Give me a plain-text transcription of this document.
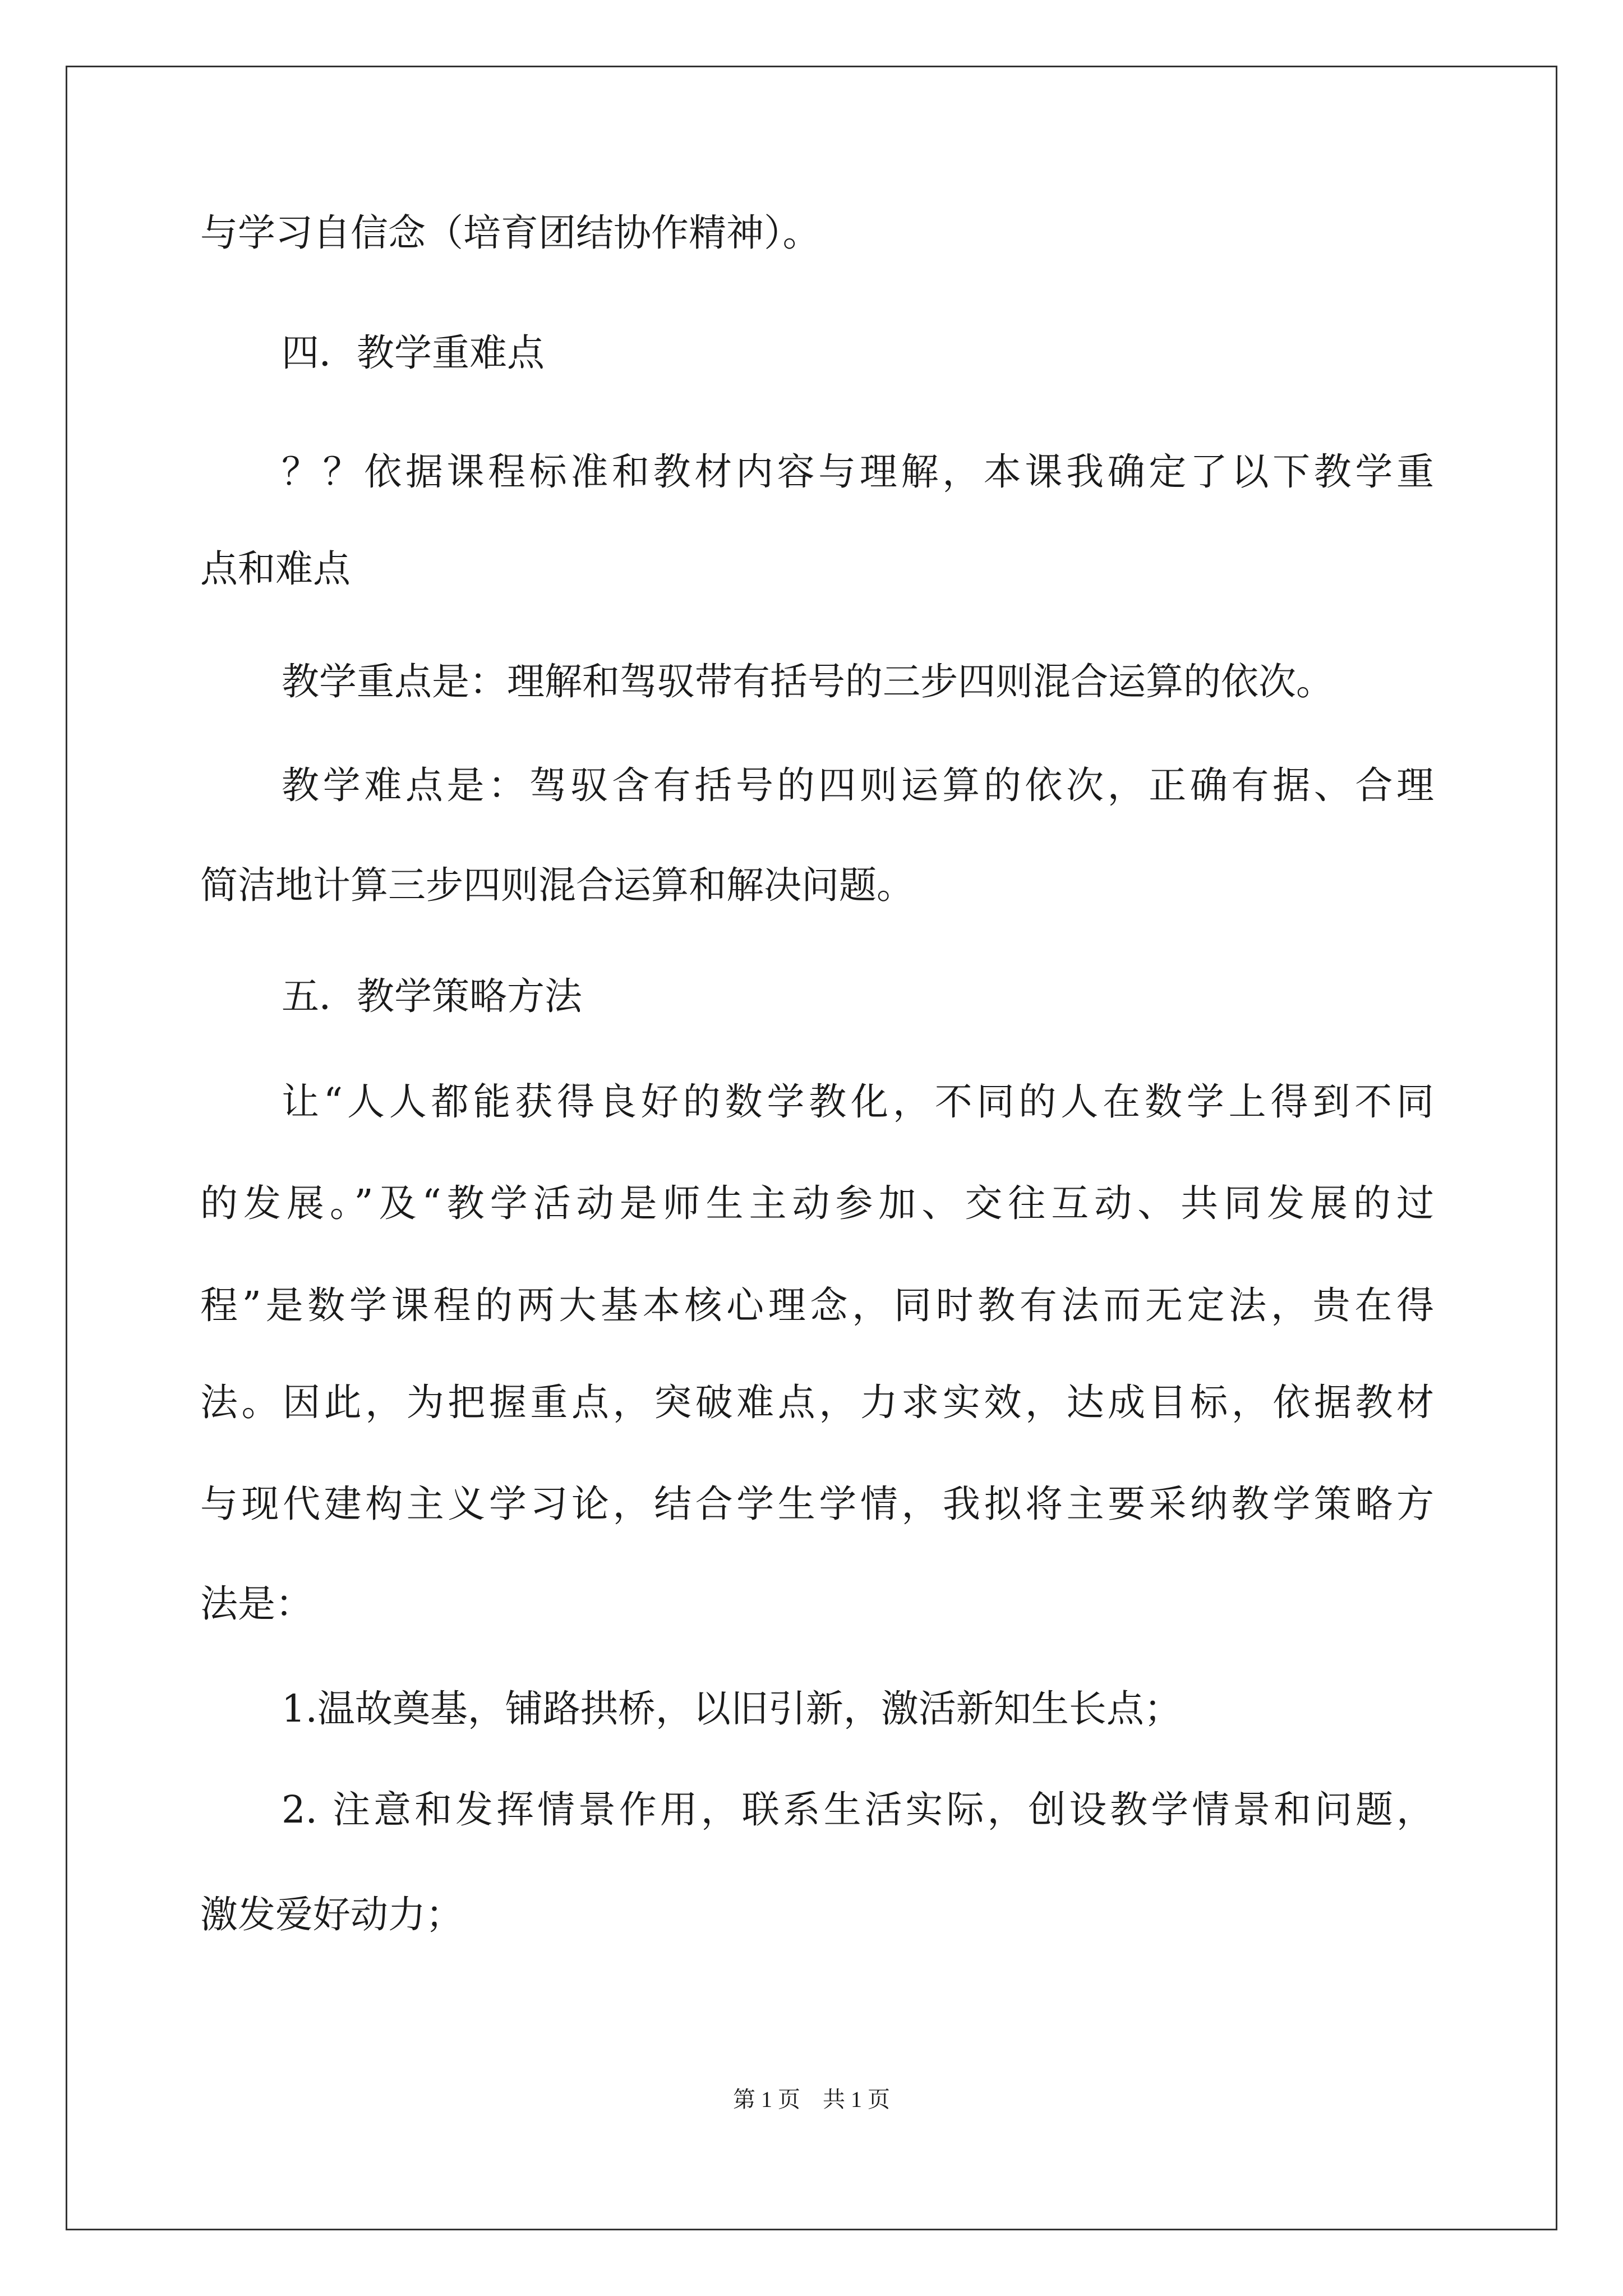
与学习自信念（培育团结协作精神）。
四．教学重难点
？？依据课程标准和教材内容与理解，本课我确定了以下教学重
点和难点
教学重点是：理解和驾驭带有括号的三步四则混合运算的依次。
教学难点是：驾驭含有括号的四则运算的依次，正确有据、合理
简洁地计算三步四则混合运算和解决问题。
五．教学策略方法
让“人人都能获得良好的数学教化，不同的人在数学上得到不同
的发展。”及“教学活动是师生主动参加、交往互动、共同发展的过
程”是数学课程的两大基本核心理念，同时教有法而无定法，贵在得
法。因此，为把握重点，突破难点，力求实效，达成目标，依据教材
与现代建构主义学习论，结合学生学情，我拟将主要采纳教学策略方
法是：
1.温故奠基，铺路拱桥，以旧引新，激活新知生长点；
2. 注意和发挥情景作用，联系生活实际，创设教学情景和问题，
激发爱好动力；
第 1 页　共 1 页
